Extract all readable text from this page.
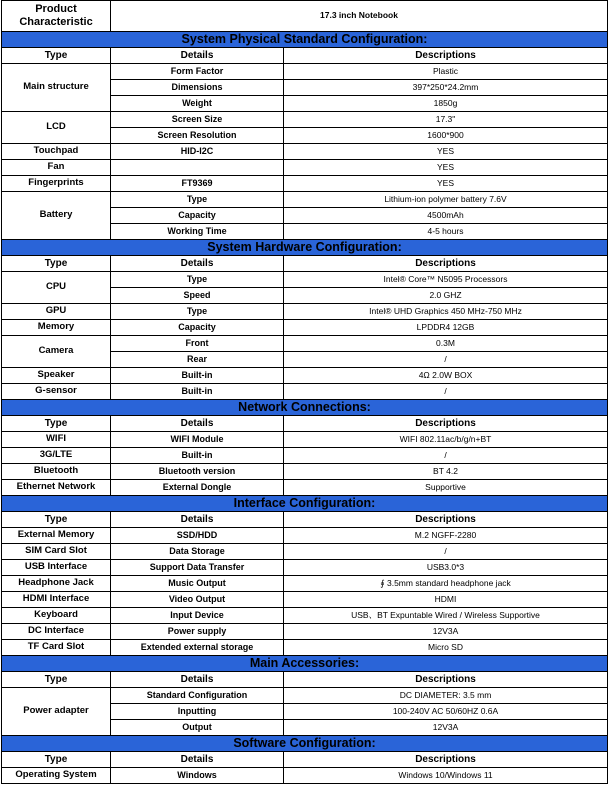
Product Characteristic	17.3 inch Notebook	
System Physical Standard Configuration:		
Type	Details	Descriptions
Main structure	Form Factor	Plastic
	Dimensions	397*250*24.2mm
	Weight	1850g
LCD	Screen Size	17.3"
	Screen Resolution	1600*900
Touchpad	HID-I2C	YES
Fan		YES
Fingerprints	FT9369	YES
Battery	Type	Lithium-ion polymer battery 7.6V
	Capacity	4500mAh
	Working Time	4-5 hours
System Hardware Configuration:		
Type	Details	Descriptions
CPU	Type	Intel® Core™ N5095 Processors
	Speed	2.0 GHZ
GPU	Type	Intel® UHD Graphics 450 MHz-750 MHz
Memory	Capacity	LPDDR4 12GB
Camera	Front	0.3M
	Rear	/
Speaker	Built-in	4Ω 2.0W BOX
G-sensor	Built-in	/
Network Connections:		
Type	Details	Descriptions
WIFI	WIFI Module	WIFI 802.11ac/b/g/n+BT
3G/LTE	Built-in	/
Bluetooth	Bluetooth version	BT 4.2
Ethernet Network	External Dongle	Supportive
Interface Configuration:		
Type	Details	Descriptions
External Memory	SSD/HDD	M.2 NGFF-2280
SIM Card Slot	Data Storage	/
USB Interface	Support Data Transfer	USB3.0*3
Headphone Jack	Music Output	∮ 3.5mm standard headphone jack
HDMI Interface	Video Output	HDMI
Keyboard	Input Device	USB、BT Expuntable Wired / Wireless Supportive
DC Interface	Power supply	12V3A
TF Card Slot	Extended external storage	Micro SD
Main Accessories:		
Type	Details	Descriptions
Power adapter	Standard Configuration	DC DIAMETER: 3.5 mm
	Inputting	100-240V AC 50/60HZ 0.6A
	Output	12V3A
Software Configuration:		
Type	Details	Descriptions
Operating System	Windows	Windows 10/Windows 11
